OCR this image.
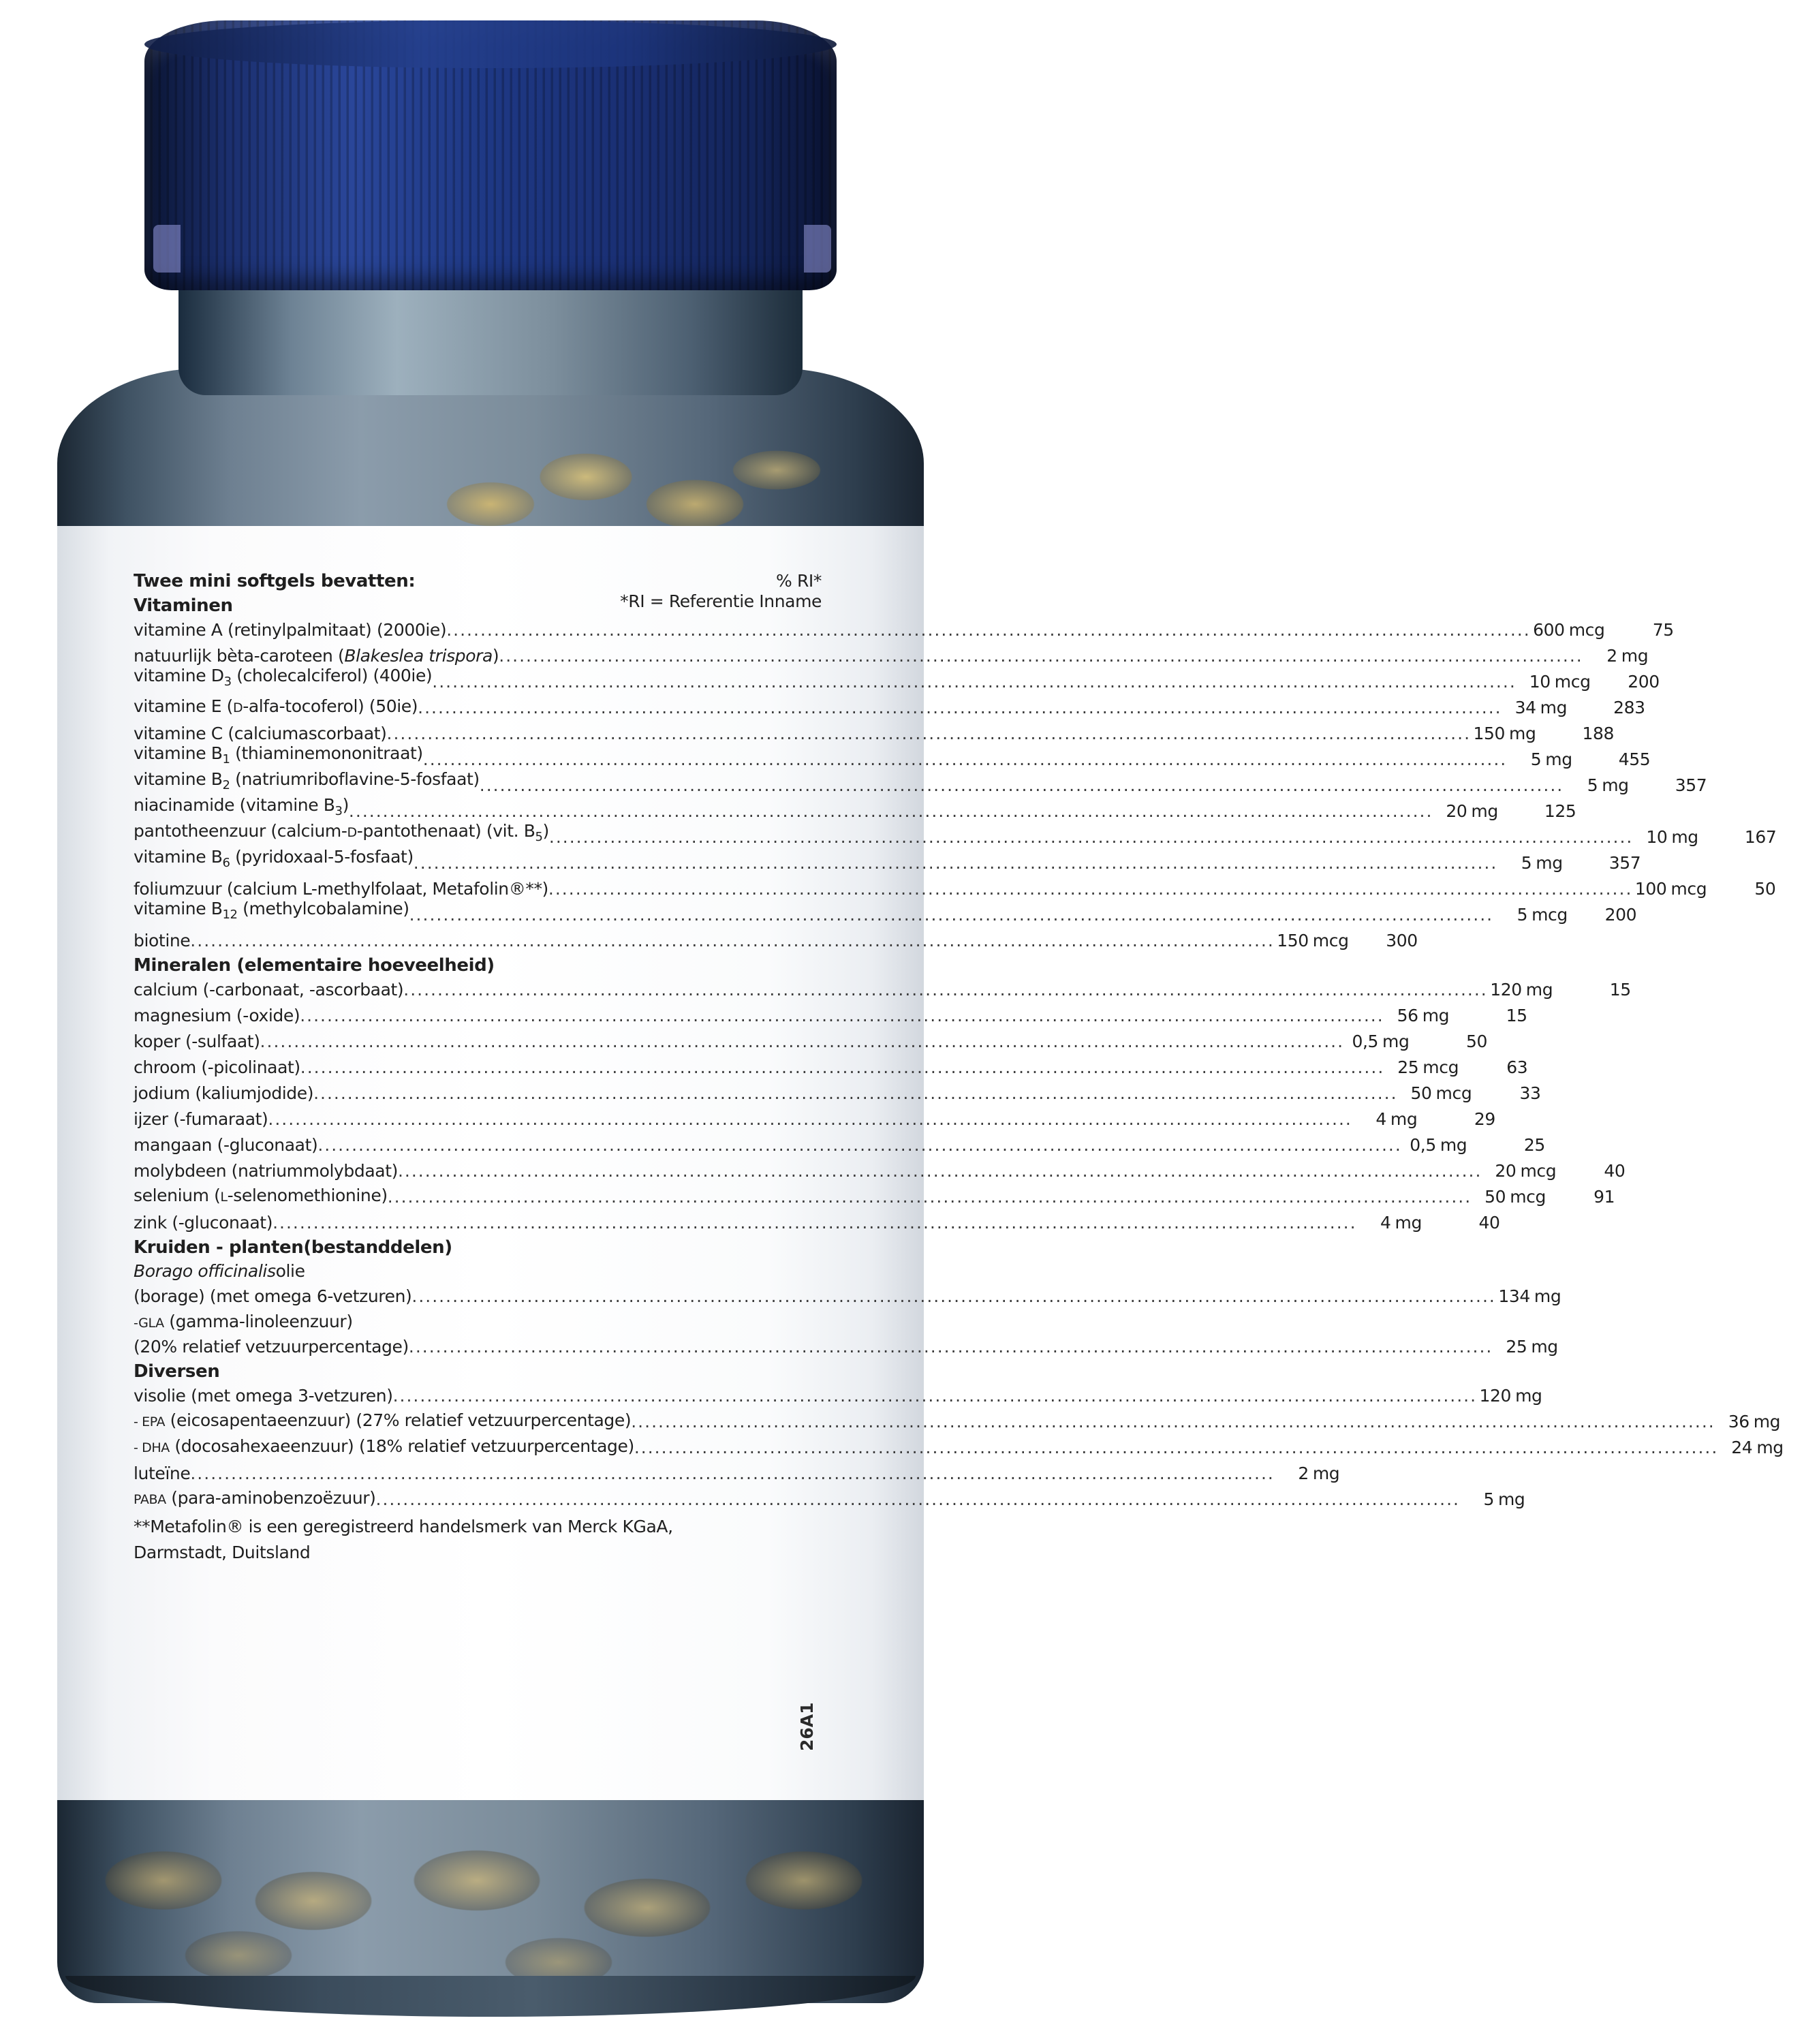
Twee mini softgels bevatten:	% RI*
Vitaminen	*RI = Referentie Inname
vitamine A (retinylpalmitaat) (2000ie) ................................................................................................................................................................ 600 mcg	75
natuurlijk bèta-caroteen (Blakeslea trispora) ................................................................................................................................................................	2 mg
vitamine $D_3$ (cholecalciferol) (400ie) ................................................................................................................................................................ 10 mcg	200
vitamine E (D-alfa-tocoferol) (50ie) ................................................................................................................................................................ 34 mg	283
vitamine C (calciumascorbaat) ................................................................................................................................................................ 150 mg	188
vitamine $B_1$ (thiaminemononitraat) ................................................................................................................................................................	5 mg	455
vitamine $B_2$ (natriumriboflavine-5-fosfaat) ................................................................................................................................................................	5 mg	357
niacinamide (vitamine $B_3$) ................................................................................................................................................................ 20 mg	125
pantotheenzuur (calcium-D-pantothenaat) (vit. $B_5$) ................................................................................................................................................................ 10 mg	167
vitamine $B_6$ (pyridoxaal-5-fosfaat) ................................................................................................................................................................	5 mg	357
foliumzuur (calcium L-methylfolaat, Metafolin®**) ................................................................................................................................................................ 100 mcg	50
vitamine $B_{12}$ (methylcobalamine) ................................................................................................................................................................	5 mcg	200
biotine ................................................................................................................................................................ 150 mcg	300
Mineralen (elementaire hoeveelheid)
calcium (-carbonaat, -ascorbaat) ................................................................................................................................................................ 120 mg	15
magnesium (-oxide) ................................................................................................................................................................ 56 mg	15
koper (-sulfaat) ................................................................................................................................................................ 0,5 mg	50
chroom (-picolinaat) ................................................................................................................................................................ 25 mcg	63
jodium (kaliumjodide) ................................................................................................................................................................ 50 mcg	33
ijzer (-fumaraat) ................................................................................................................................................................	4 mg	29
mangaan (-gluconaat) ................................................................................................................................................................ 0,5 mg	25
molybdeen (natriummolybdaat) ................................................................................................................................................................ 20 mcg	40
selenium (L-selenomethionine) ................................................................................................................................................................ 50 mcg	91
zink (-gluconaat) ................................................................................................................................................................	4 mg	40
Kruiden - planten(bestanddelen)
Borago officinalisolie
(borage) (met omega 6-vetzuren) ................................................................................................................................................................ 134 mg
-GLA (gamma-linoleenzuur)
(20% relatief vetzuurpercentage) ................................................................................................................................................................ 25 mg
Diversen
visolie (met omega 3-vetzuren) ................................................................................................................................................................ 120 mg
- EPA (eicosapentaeenzuur) (27% relatief vetzuurpercentage) ................................................................................................................................................................ 36 mg
- DHA (docosahexaeenzuur) (18% relatief vetzuurpercentage) ................................................................................................................................................................ 24 mg
luteïne ................................................................................................................................................................	2 mg
PABA (para-aminobenzoëzuur) ................................................................................................................................................................	5 mg
**Metafolin® is een geregistreerd handelsmerk van Merck KGaA,
Darmstadt, Duitsland
26A1
